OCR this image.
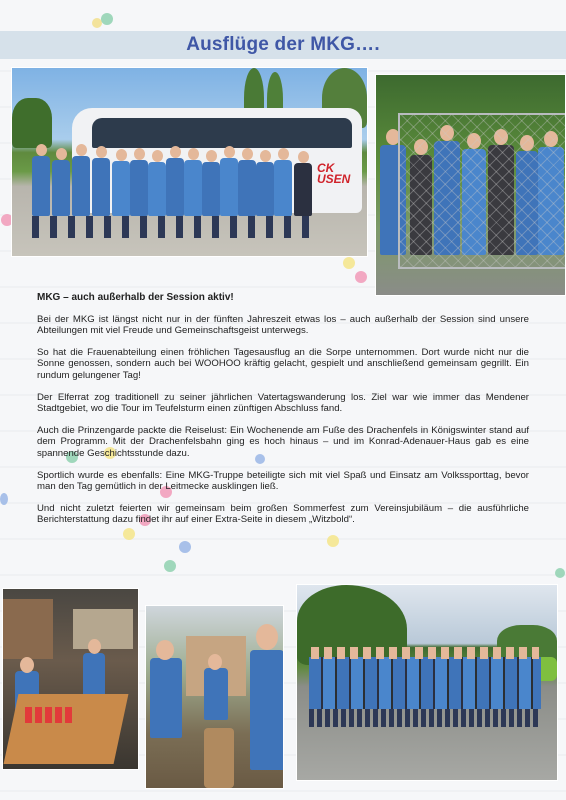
Ausflüge der MKG….
CK
USEN
MKG – auch außerhalb der Session aktiv!

Bei der MKG ist längst nicht nur in der fünften Jahreszeit etwas los – auch außerhalb der Session sind unsere Abteilungen mit viel Freude und Gemeinschaftsgeist unterwegs.

So hat die Frauenabteilung einen fröhlichen Tagesausflug an die Sorpe unternommen. Dort wurde nicht nur die Sonne genossen, sondern auch bei WOOHOO kräftig gelacht, gespielt und anschließend gemeinsam gegrillt. Ein rundum gelungener Tag!

Der Elferrat zog traditionell zu seiner jährlichen Vatertagswanderung los. Ziel war wie immer das Mendener Stadtgebiet, wo die Tour im Teufelsturm einen zünftigen Abschluss fand.

Auch die Prinzengarde packte die Reiselust: Ein Wochenende am Fuße des Drachenfels in Königswinter stand auf dem Programm. Mit der Drachenfelsbahn ging es hoch hinaus – und im Konrad-Adenauer-Haus gab es eine spannende Geschichtsstunde dazu.

Sportlich wurde es ebenfalls: Eine MKG-Truppe beteiligte sich mit viel Spaß und Einsatz am Volkssporttag, bevor man den Tag gemütlich in der Leitmecke ausklingen ließ.

Und nicht zuletzt feierten wir gemeinsam beim großen Sommerfest zum Vereinsjubiläum – die ausführliche Berichterstattung dazu findet ihr auf einer Extra-Seite in diesem „Witzbold“.
